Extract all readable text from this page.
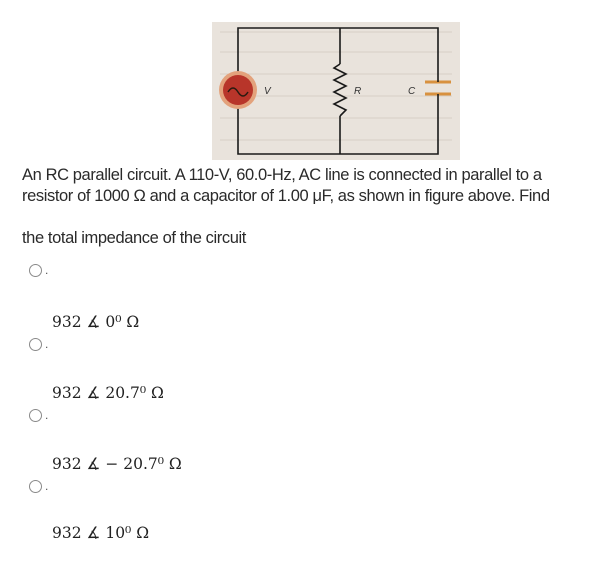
V	R	C
An RC parallel circuit. A 110-V, 60.0-Hz, AC line is connected in parallel to a resistor of 1000 Ω and a capacitor of 1.00 μF, as shown in figure above. Find
the total impedance of the circuit
.
932 ∡ 0⁰ Ω
.
932 ∡ 20.7⁰ Ω
.
932 ∡ − 20.7⁰ Ω
.
932 ∡ 10⁰ Ω
